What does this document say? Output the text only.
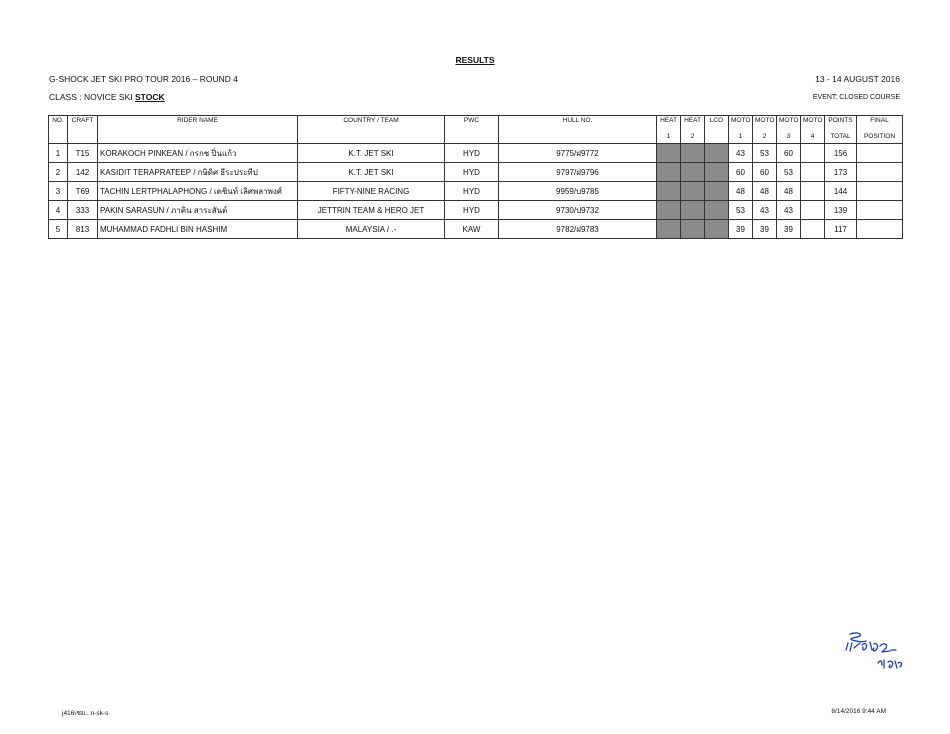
RESULTS
G-SHOCK JET SKI PRO TOUR 2016 – ROUND 4	13 - 14 AUGUST 2016
CLASS : NOVICE SKI STOCK	EVENT: CLOSED COURSE
NO.	CRAFT	RIDER NAME	COUNTRY / TEAM	PWC	HULL NO.	HEAT	HEAT	LCO	MOTO	MOTO	MOTO	MOTO	POINTS	FINAL
						1	2		1	2	3	4	TOTAL	POSITION
1	T15	KORAKOCH PINKEAN / กรกช ปิ่นแก้ว	K.T. JET SKI	HYD	9775/ฝ9772				43	53	60		156	
2	142	KASIDIT TERAPRATEEP / กษิดิศ ธีระประทีป	K.T. JET SKI	HYD	9797/ฝ9796				60	60	53		173	
3	T69	TACHIN LERTPHALAPHONG / เตชินท์ เลิศพลาพงศ์	FIFTY-NINE RACING	HYD	9959/บ9785				48	48	48		144	
4	333	PAKIN SARASUN / ภาคิน สาระสันต์	JETTRIN TEAM & HERO JET	HYD	9730/ป9732				53	43	43		139	
5	813	MUHAMMAD FADHLI BIN HASHIM	MALAYSIA / .-	KAW	9782/ฝ9783				39	39	39		117	
j416เซม.. n-sk-s	8/14/2016 9:44 AM
